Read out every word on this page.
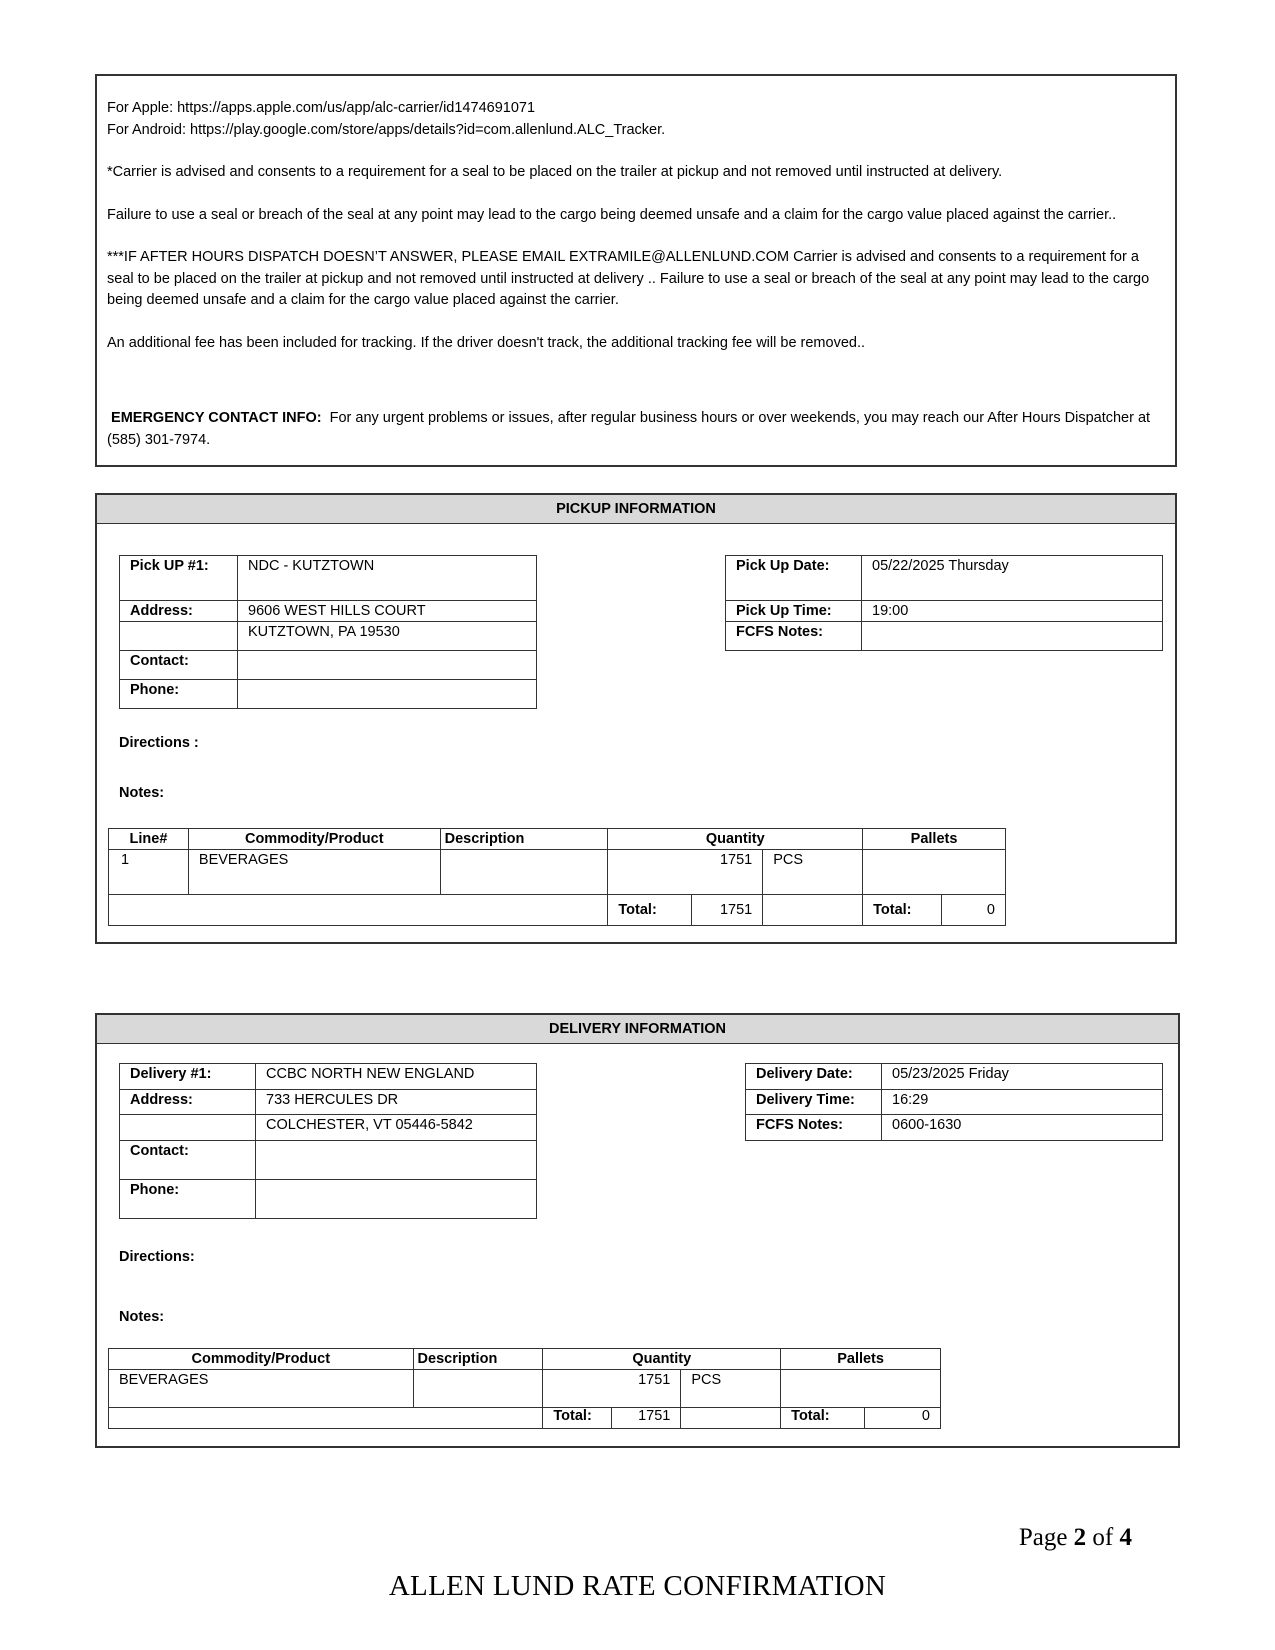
For Apple: https://apps.apple.com/us/app/alc-carrier/id1474691071

For Android: https://play.google.com/store/apps/details?id=com.allenlund.ALC_Tracker.

*Carrier is advised and consents to a requirement for a seal to be placed on the trailer at pickup and not removed until instructed at delivery.

Failure to use a seal or breach of the seal at any point may lead to the cargo being deemed unsafe and a claim for the cargo value placed against the carrier..

***IF AFTER HOURS DISPATCH DOESN’T ANSWER, PLEASE EMAIL EXTRAMILE@ALLENLUND.COM Carrier is advised and consents to a requirement for a seal to be placed on the trailer at pickup and not removed until instructed at delivery .. Failure to use a seal or breach of the seal at any point may lead to the cargo being deemed unsafe and a claim for the cargo value placed against the carrier.

An additional fee has been included for tracking. If the driver doesn't track, the additional tracking fee will be removed..

EMERGENCY CONTACT INFO: For any urgent problems or issues, after regular business hours or over weekends, you may reach our After Hours Dispatcher at (585) 301-7974.

PICKUP INFORMATION
Pick UP #1:	NDC - KUTZTOWN
Address:	9606 WEST HILLS COURT
	KUTZTOWN, PA 19530
Contact:	
Phone:	
Pick Up Date:	05/22/2025 Thursday
Pick Up Time:	19:00
FCFS Notes:	
Directions :
Notes:
Line#	Commodity/Product	Description	Quantity			Pallets	
1	BEVERAGES		1751		PCS		
			Total:	1751		Total:	0
DELIVERY INFORMATION
Delivery #1:	CCBC NORTH NEW ENGLAND
Address:	733 HERCULES DR
	COLCHESTER, VT 05446-5842
Contact:	
Phone:	
Delivery Date:	05/23/2025 Friday
Delivery Time:	16:29
FCFS Notes:	0600-1630
Directions:
Notes:
Commodity/Product	Description	Quantity			Pallets	
BEVERAGES		1751		PCS		
		Total:	1751		Total:	0
Page 2 of 4
ALLEN LUND RATE CONFIRMATION
